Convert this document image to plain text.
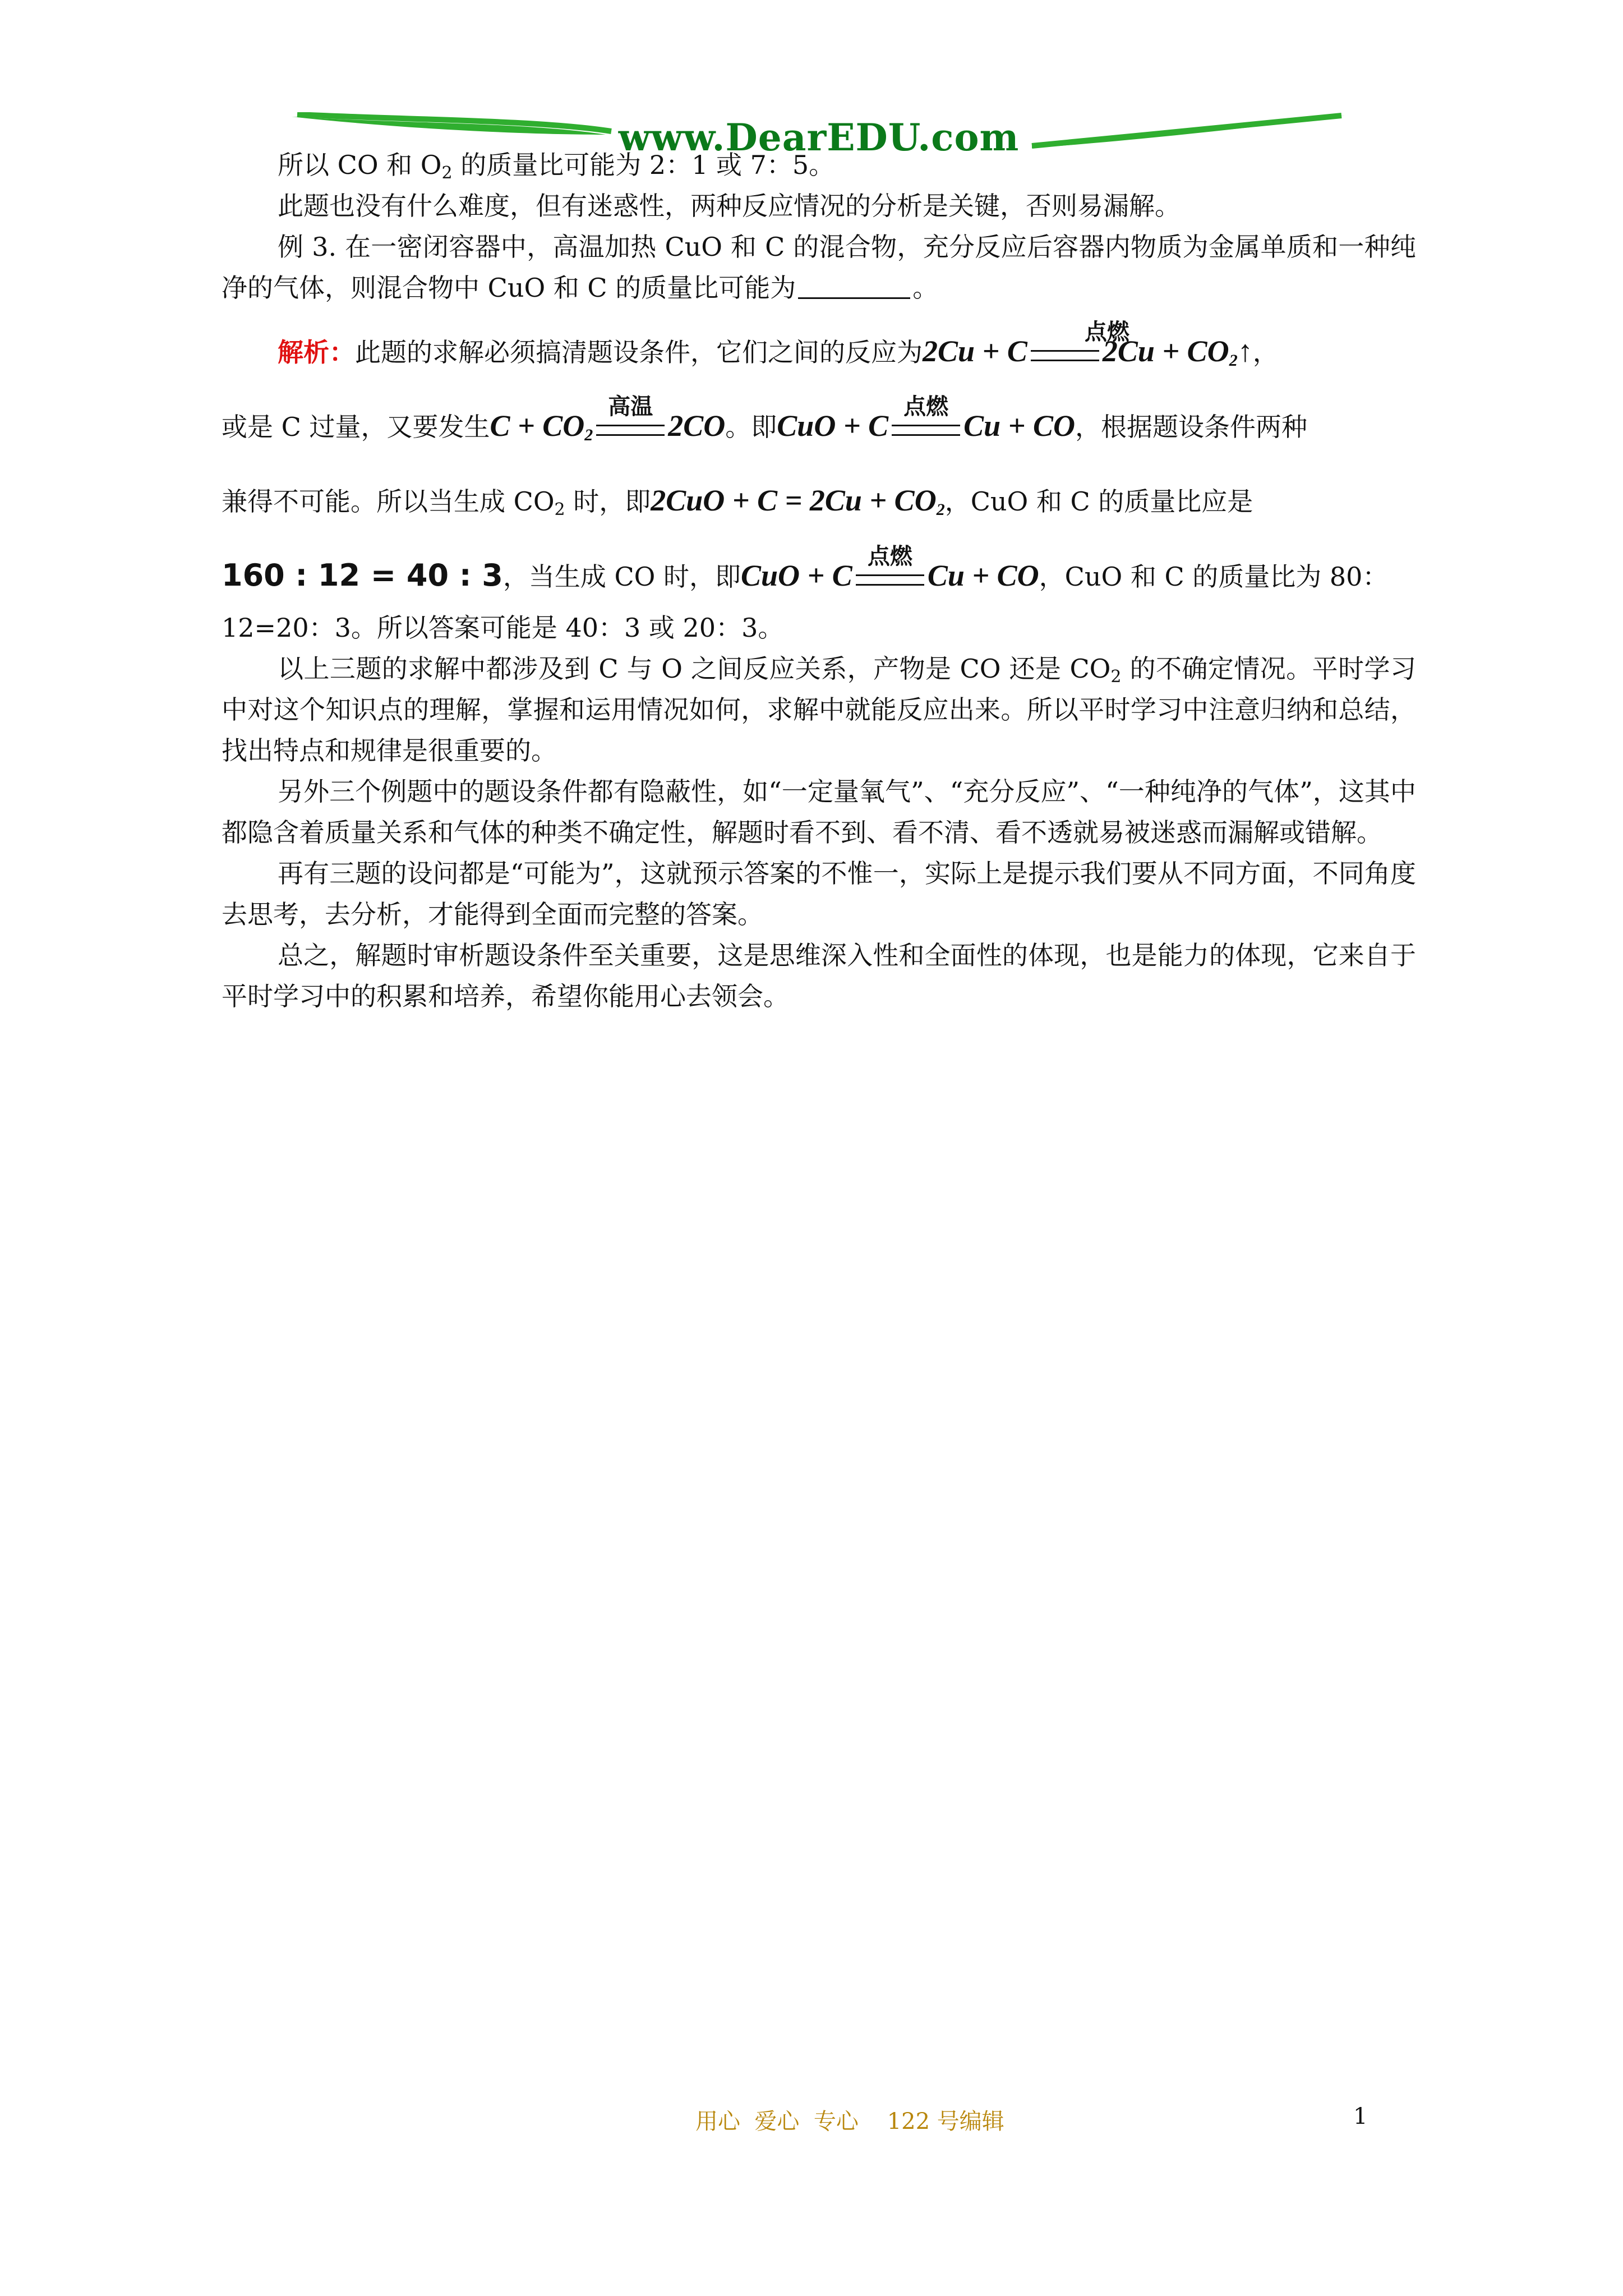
www.DearEDU.com

所以 CO 和 $O_2$ 的质量比可能为 2：1 或 7：5。

此题也没有什么难度，但有迷惑性，两种反应情况的分析是关键，否则易漏解。

例 3. 在一密闭容器中，高温加热 CuO 和 C 的混合物，充分反应后容器内物质为金属单质和一种纯净的气体，则混合物中 CuO 和 C 的质量比可能为	。

解析：此题的求解必须搞清题设条件，它们之间的反应为2Cu + C
点燃
$2Cu + CO_2↑$，

或是 C 过量，又要发生$C + CO_2$
高温
2CO。即CuO + C
点燃
Cu + CO，根据题设条件两种

兼得不可能。所以当生成 $CO_2$ 时，即$2CuO + C = 2Cu + CO_2$，CuO 和 C 的质量比应是

160 : 12 = 40 : 3，当生成 CO 时，即CuO + C
点燃
Cu + CO，CuO 和 C 的质量比为 80：

12=20：3。所以答案可能是 40：3 或 20：3。

以上三题的求解中都涉及到 C 与 O 之间反应关系，产物是 CO 还是 $CO_2$ 的不确定情况。平时学习中对这个知识点的理解，掌握和运用情况如何，求解中就能反应出来。所以平时学习中注意归纳和总结，找出特点和规律是很重要的。

另外三个例题中的题设条件都有隐蔽性，如“一定量氧气”、“充分反应”、“一种纯净的气体”，这其中都隐含着质量关系和气体的种类不确定性，解题时看不到、看不清、看不透就易被迷惑而漏解或错解。

再有三题的设问都是“可能为”，这就预示答案的不惟一，实际上是提示我们要从不同方面，不同角度去思考，去分析，才能得到全面而完整的答案。

总之，解题时审析题设条件至关重要，这是思维深入性和全面性的体现，也是能力的体现，它来自于平时学习中的积累和培养，希望你能用心去领会。

用心  爱心  专心    122 号编辑	1
